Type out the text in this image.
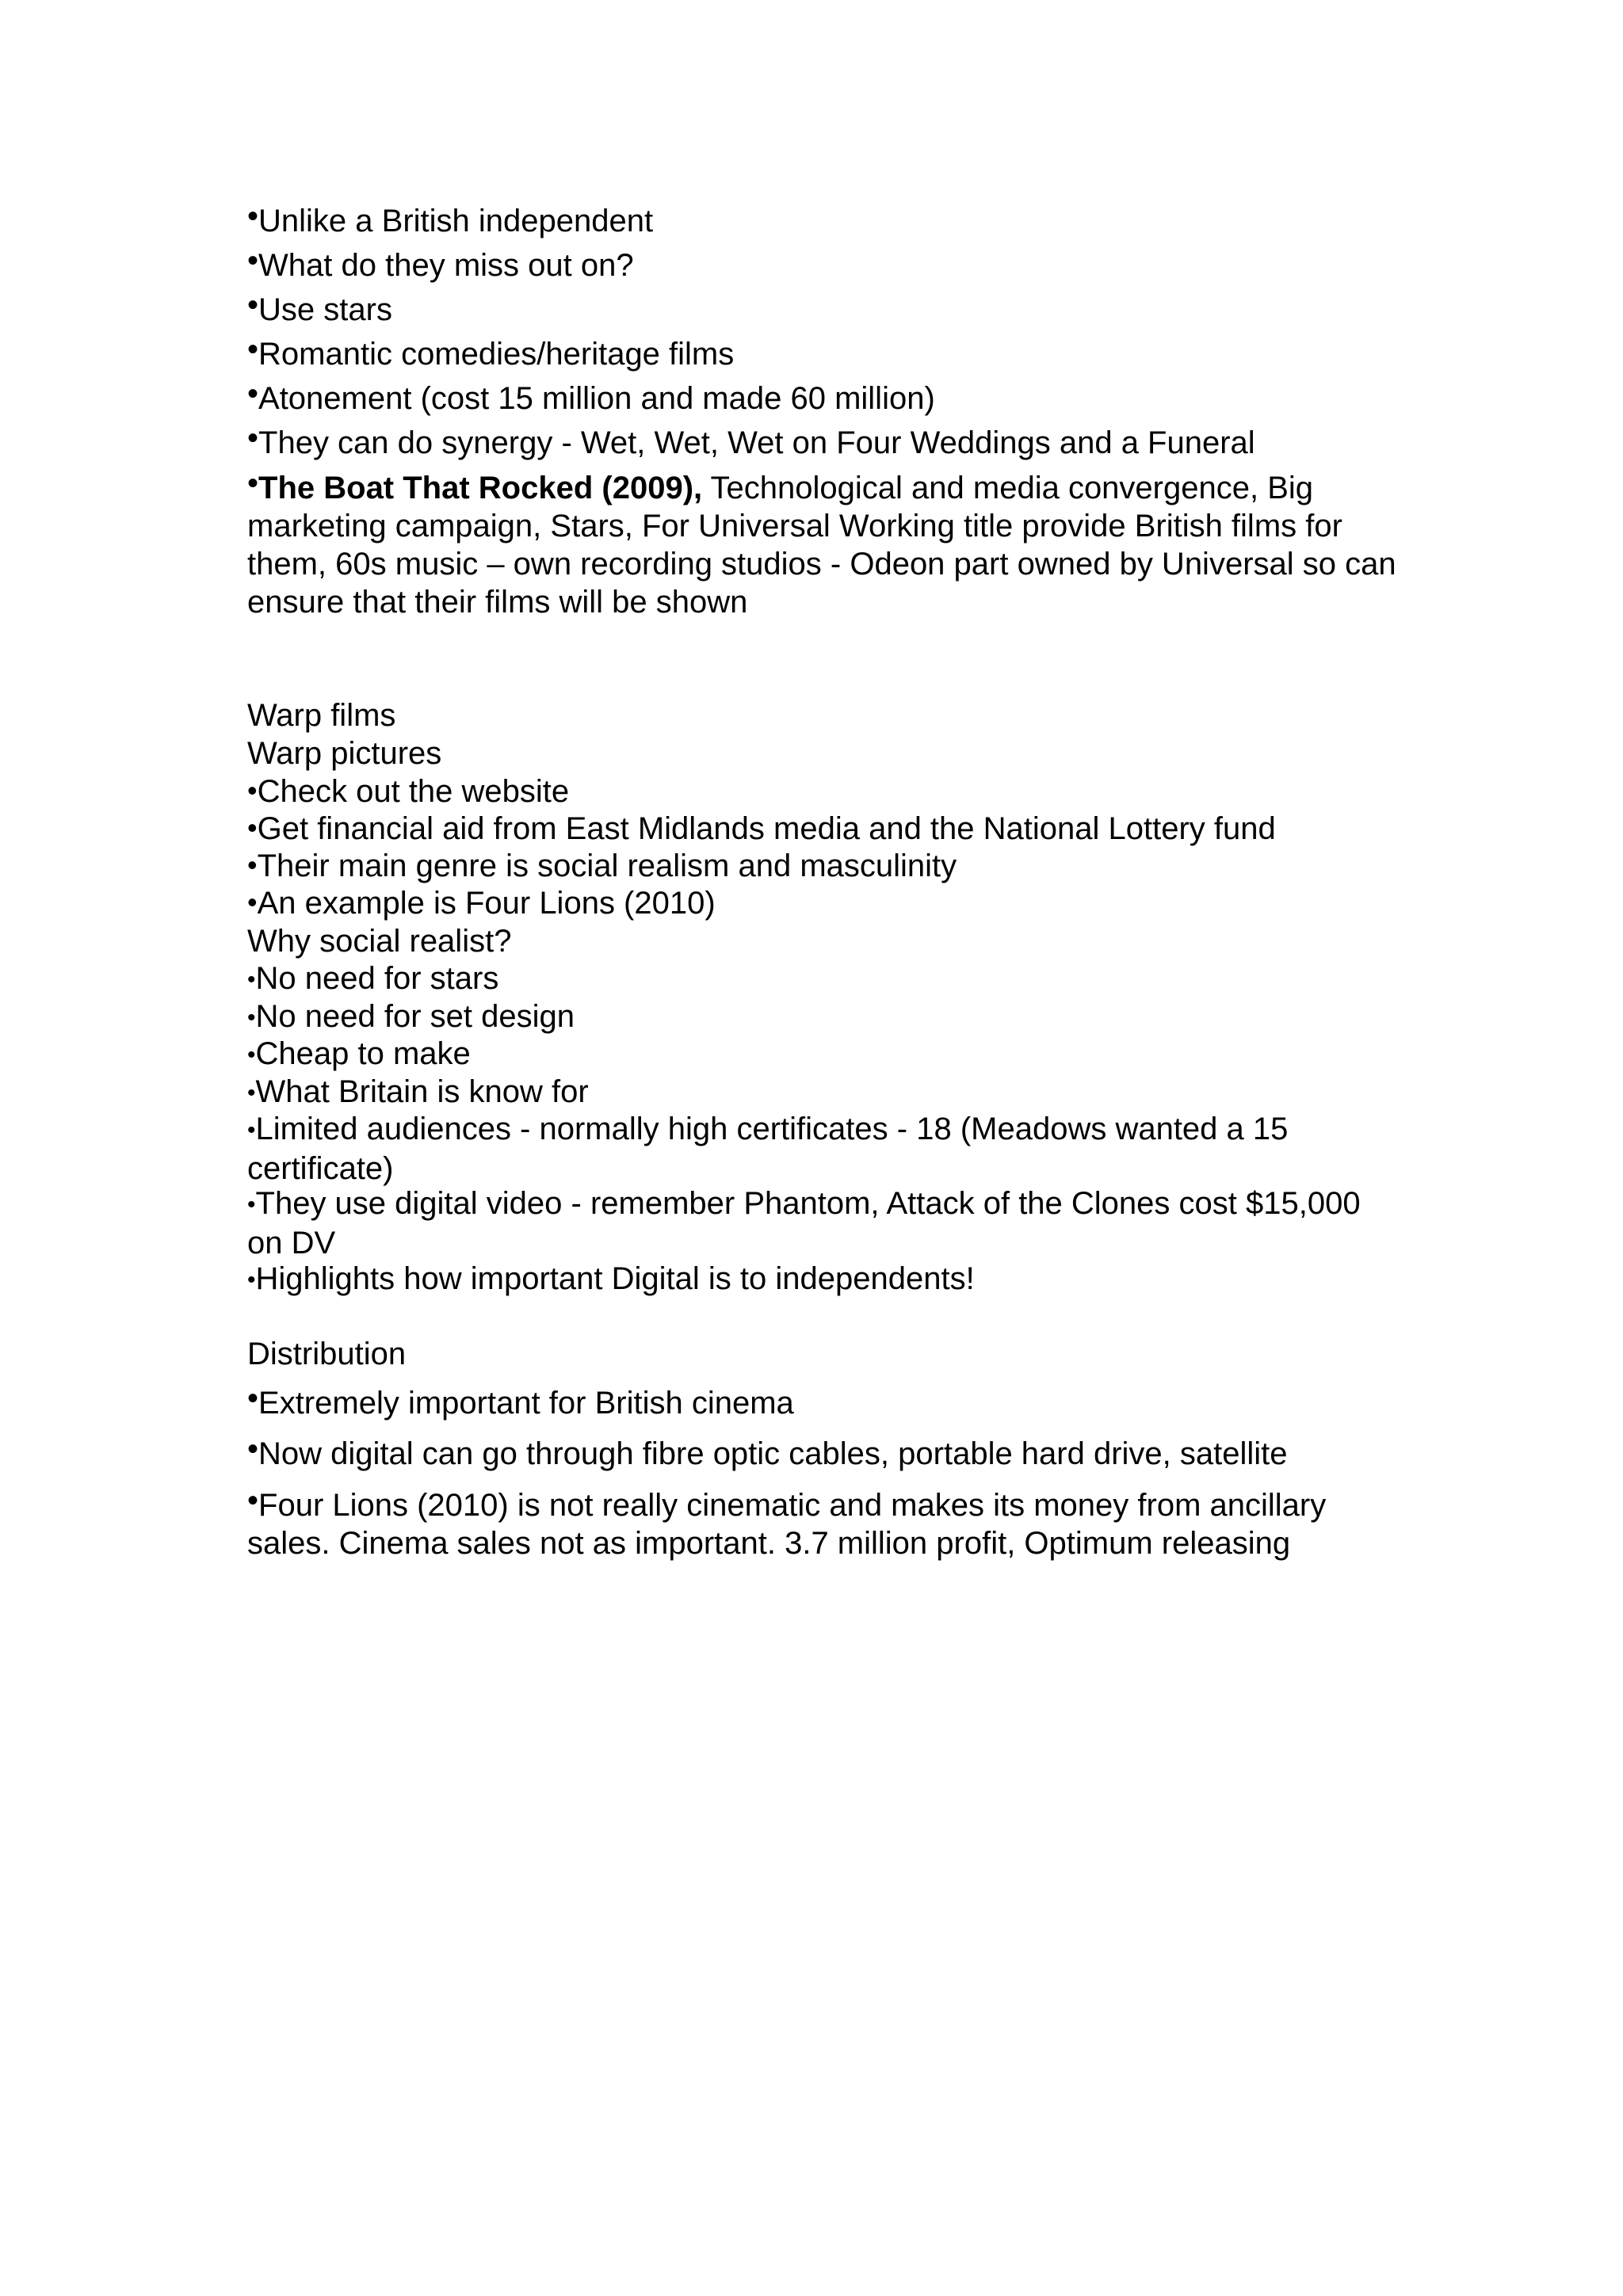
•Unlike a British independent
•What do they miss out on?
•Use stars
•Romantic comedies/heritage films
•Atonement (cost 15 million and made 60 million)
•They can do synergy - Wet, Wet, Wet on Four Weddings and a Funeral
•The Boat That Rocked (2009), Technological and media convergence, Big marketing campaign, Stars, For Universal Working title provide British films for them, 60s music – own recording studios - Odeon part owned by Universal so can ensure that their films will be shown
Warp films
Warp pictures
•Check out the website
•Get financial aid from East Midlands media and the National Lottery fund
•Their main genre is social realism and masculinity
•An example is Four Lions (2010)
Why social realist?
•No need for stars
•No need for set design
•Cheap to make
•What Britain is know for
•Limited audiences - normally high certificates - 18 (Meadows wanted a 15 certificate)
•They use digital video - remember Phantom, Attack of the Clones cost $15,000 on DV
•Highlights how important Digital is to independents!
Distribution
•Extremely important for British cinema
•Now digital can go through fibre optic cables, portable hard drive, satellite
•Four Lions (2010) is not really cinematic and makes its money from ancillary sales. Cinema sales not as important. 3.7 million profit, Optimum releasing
